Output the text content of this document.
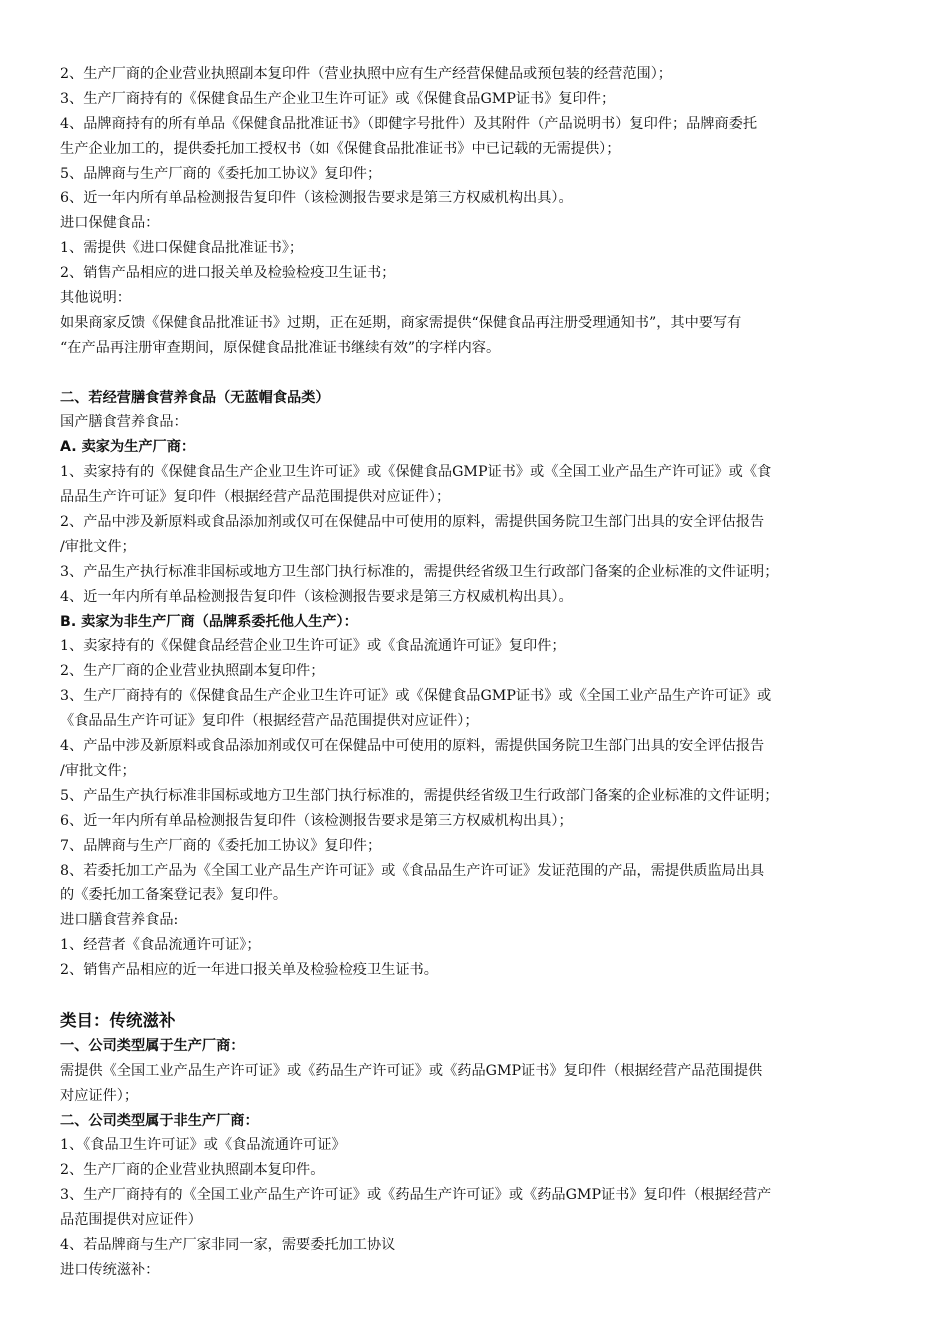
2、生产厂商的企业营业执照副本复印件（营业执照中应有生产经营保健品或预包装的经营范围）；
3、生产厂商持有的《保健食品生产企业卫生许可证》或《保健食品GMP证书》复印件；
4、品牌商持有的所有单品《保健食品批准证书》（即健字号批件）及其附件（产品说明书）复印件；品牌商委托
生产企业加工的，提供委托加工授权书（如《保健食品批准证书》中已记载的无需提供）；
5、品牌商与生产厂商的《委托加工协议》复印件；
6、近一年内所有单品检测报告复印件（该检测报告要求是第三方权威机构出具）。
进口保健食品：
1、需提供《进口保健食品批准证书》；
2、销售产品相应的进口报关单及检验检疫卫生证书；
其他说明：
如果商家反馈《保健食品批准证书》过期，正在延期，商家需提供“保健食品再注册受理通知书”，其中要写有
“在产品再注册审查期间，原保健食品批准证书继续有效”的字样内容。
二、若经营膳食营养食品（无蓝帽食品类）
国产膳食营养食品：
A. 卖家为生产厂商：
1、卖家持有的《保健食品生产企业卫生许可证》或《保健食品GMP证书》或《全国工业产品生产许可证》或《食
品品生产许可证》复印件（根据经营产品范围提供对应证件）；
2、产品中涉及新原料或食品添加剂或仅可在保健品中可使用的原料，需提供国务院卫生部门出具的安全评估报告
/审批文件；
3、产品生产执行标准非国标或地方卫生部门执行标准的，需提供经省级卫生行政部门备案的企业标准的文件证明；
4、近一年内所有单品检测报告复印件（该检测报告要求是第三方权威机构出具）。
B. 卖家为非生产厂商（品牌系委托他人生产）：
1、卖家持有的《保健食品经营企业卫生许可证》或《食品流通许可证》复印件；
2、生产厂商的企业营业执照副本复印件；
3、生产厂商持有的《保健食品生产企业卫生许可证》或《保健食品GMP证书》或《全国工业产品生产许可证》或
《食品品生产许可证》复印件（根据经营产品范围提供对应证件）；
4、产品中涉及新原料或食品添加剂或仅可在保健品中可使用的原料，需提供国务院卫生部门出具的安全评估报告
/审批文件；
5、产品生产执行标准非国标或地方卫生部门执行标准的，需提供经省级卫生行政部门备案的企业标准的文件证明；
6、近一年内所有单品检测报告复印件（该检测报告要求是第三方权威机构出具）；
7、品牌商与生产厂商的《委托加工协议》复印件；
8、若委托加工产品为《全国工业产品生产许可证》或《食品品生产许可证》发证范围的产品，需提供质监局出具
的《委托加工备案登记表》复印件。
进口膳食营养食品:
1、经营者《食品流通许可证》；
2、销售产品相应的近一年进口报关单及检验检疫卫生证书。
类目：传统滋补
一、公司类型属于生产厂商：
需提供《全国工业产品生产许可证》或《药品生产许可证》或《药品GMP证书》复印件（根据经营产品范围提供
对应证件）；
二、公司类型属于非生产厂商：
1、《食品卫生许可证》或《食品流通许可证》
2、生产厂商的企业营业执照副本复印件。
3、生产厂商持有的《全国工业产品生产许可证》或《药品生产许可证》或《药品GMP证书》复印件（根据经营产
品范围提供对应证件）
4、若品牌商与生产厂家非同一家，需要委托加工协议
进口传统滋补：
